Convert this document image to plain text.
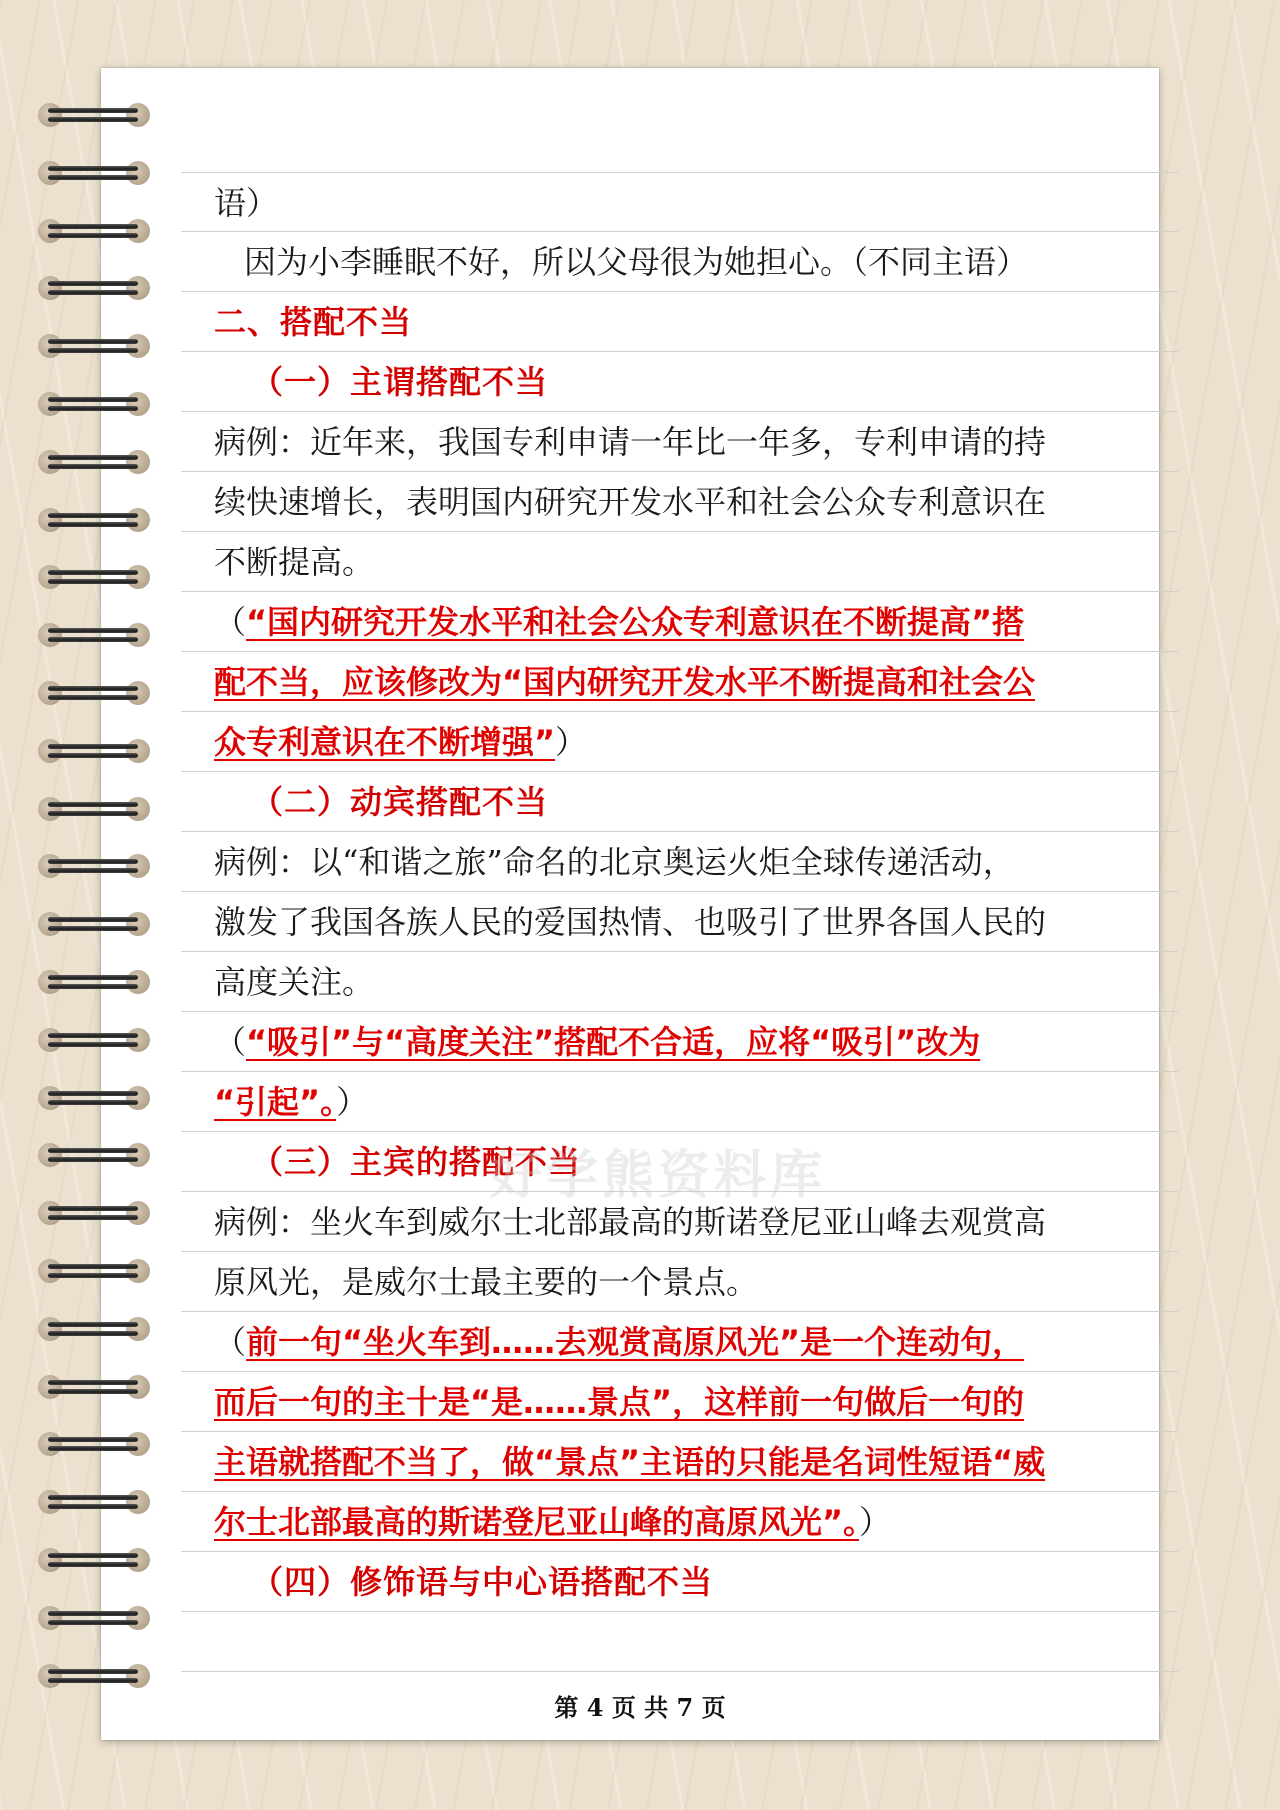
语）
因为小李睡眠不好，所以父母很为她担心。（不同主语）
二、搭配不当
（一）主谓搭配不当
病例：近年来，我国专利申请一年比一年多，专利申请的持
续快速增长，表明国内研究开发水平和社会公众专利意识在
不断提高。
（“国内研究开发水平和社会公众专利意识在不断提高”搭
配不当，应该修改为“国内研究开发水平不断提高和社会公
众专利意识在不断增强”）
（二）动宾搭配不当
病例：以“和谐之旅”命名的北京奥运火炬全球传递活动，
激发了我国各族人民的爱国热情、也吸引了世界各国人民的
高度关注。
（“吸引”与“高度关注”搭配不合适，应将“吸引”改为
“引起”。）
（三）主宾的搭配不当
病例：坐火车到威尔士北部最高的斯诺登尼亚山峰去观赏高
原风光，是威尔士最主要的一个景点。
（前一句“坐火车到……去观赏高原风光”是一个连动句，
而后一句的主十是“是……景点”，这样前一句做后一句的
主语就搭配不当了，做“景点”主语的只能是名词性短语“威
尔士北部最高的斯诺登尼亚山峰的高原风光”。）
（四）修饰语与中心语搭配不当
好学熊资料库
第 4 页 共 7 页
